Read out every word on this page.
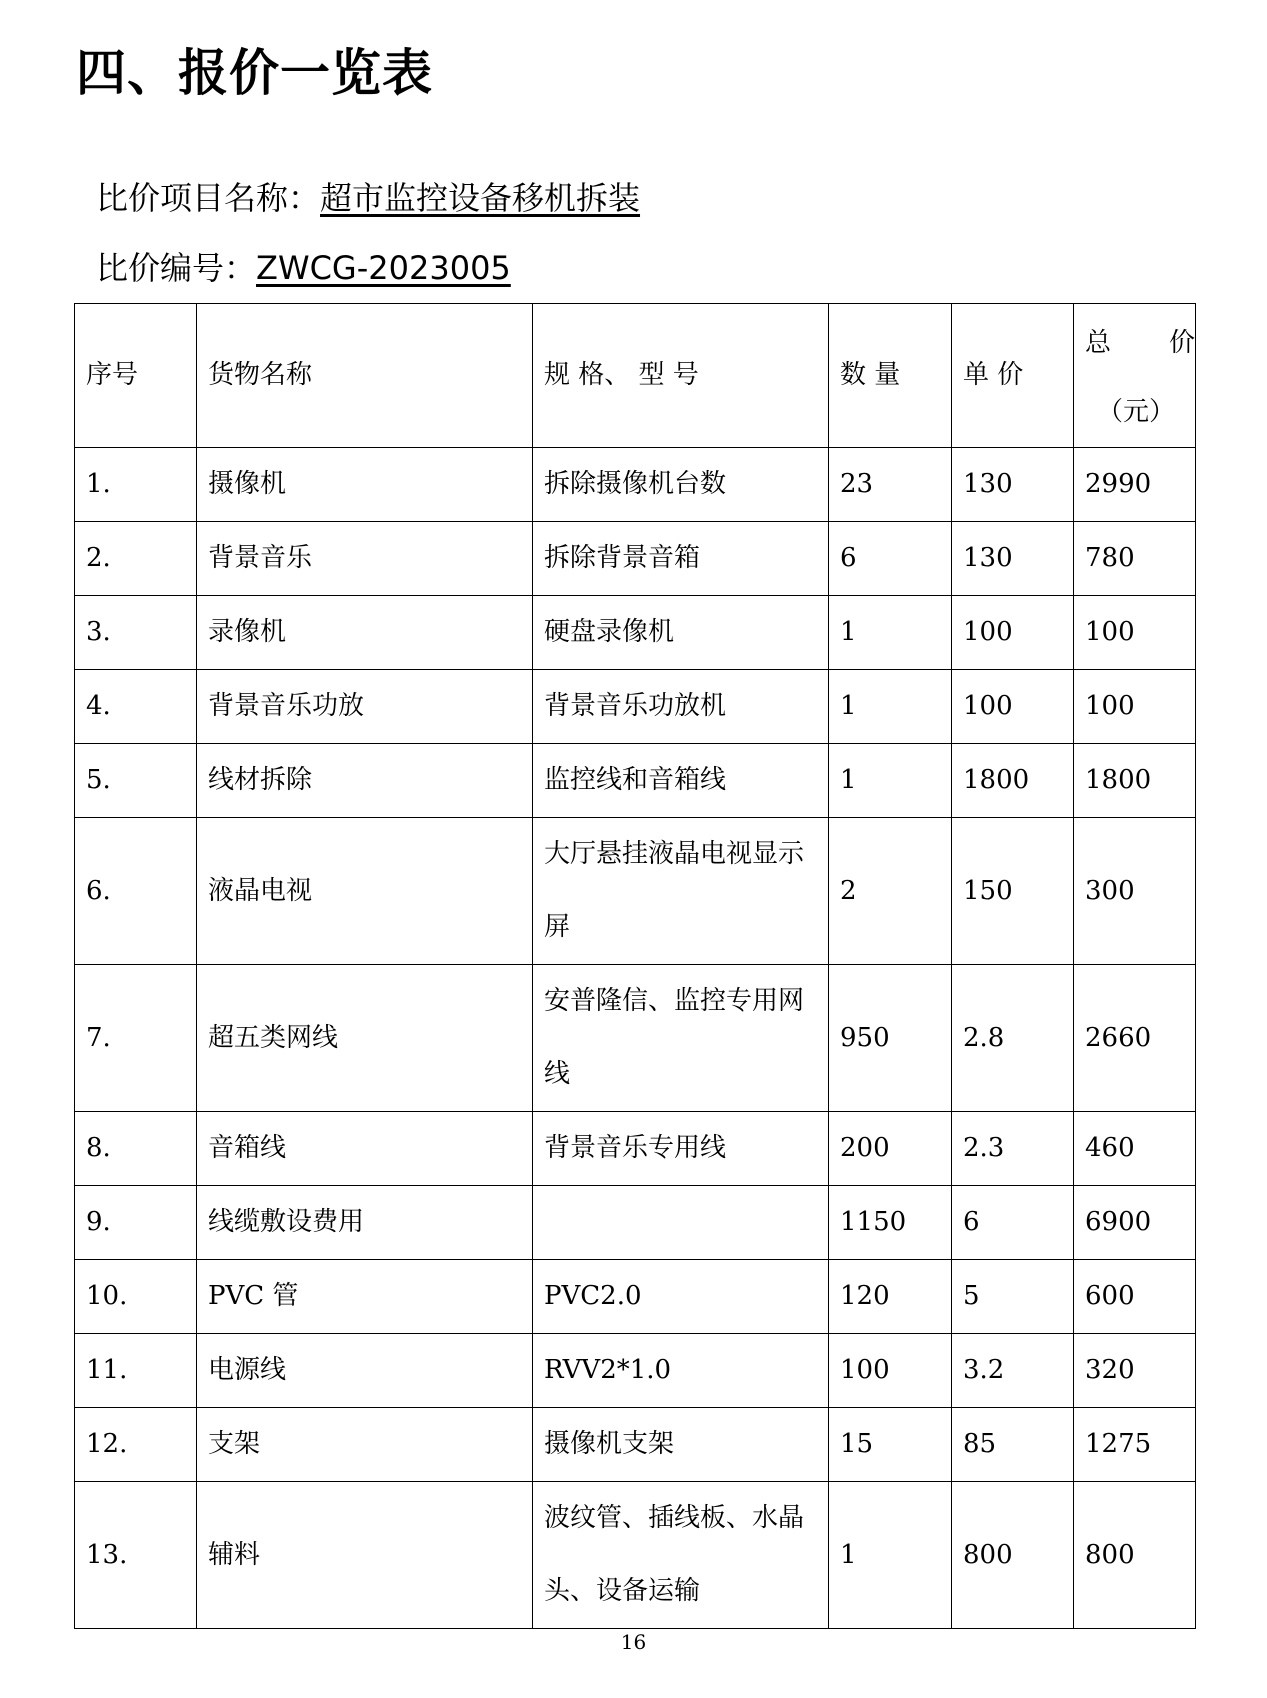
四、报价一览表
比价项目名称：超市监控设备移机拆装
比价编号：ZWCG-2023005
序号	货物名称	规 格、 型 号	数 量	单 价	总 价
（元）

1.	摄像机	拆除摄像机台数	23	130	2990
2.	背景音乐	拆除背景音箱	6	130	780
3.	录像机	硬盘录像机	1	100	100
4.	背景音乐功放	背景音乐功放机	1	100	100
5.	线材拆除	监控线和音箱线	1	1800	1800
6.	液晶电视	大厅悬挂液晶电视显示屏	2	150	300
7.	超五类网线	安普隆信、监控专用网线	950	2.8	2660
8.	音箱线	背景音乐专用线	200	2.3	460
9.	线缆敷设费用		1150	6	6900
10.	PVC 管	PVC2.0	120	5	600
11.	电源线	RVV2*1.0	100	3.2	320
12.	支架	摄像机支架	15	85	1275
13.	辅料	波纹管、插线板、水晶头、设备运输	1	800	800
16
